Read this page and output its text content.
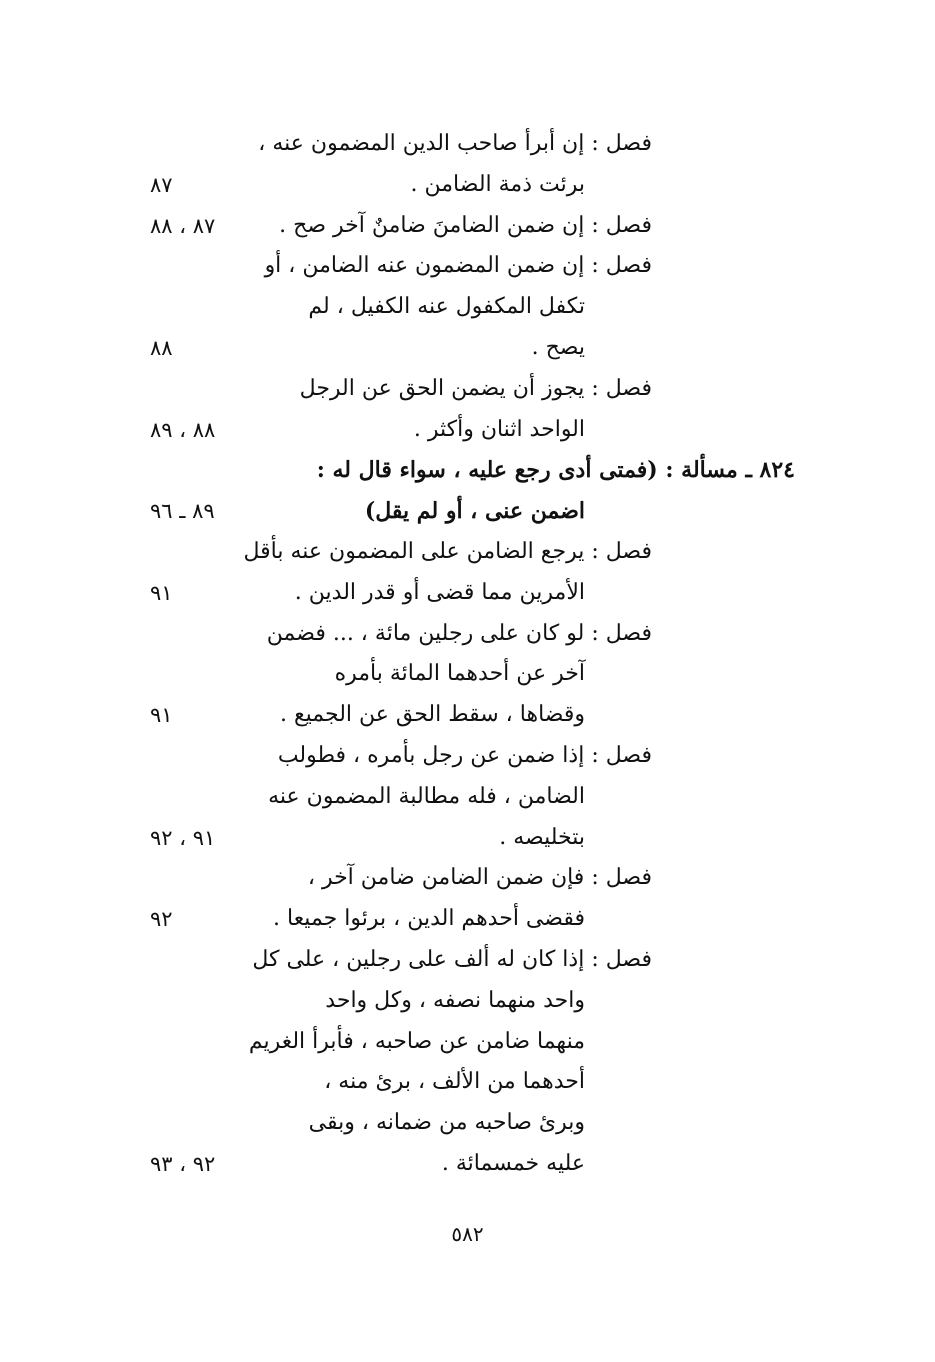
فصل : إن أبرأ صاحب الدين المضمون عنه ،
برئت ذمة الضامن .
٨٧
فصل : إن ضمن الضامنَ ضامنٌ آخر صح .
٨٧ ، ٨٨
فصل : إن ضمن المضمون عنه الضامن ، أو
تكفل المكفول عنه الكفيل ، لم
يصح .
٨٨
فصل : يجوز أن يضمن الحق عن الرجل
الواحد اثنان وأكثر .
٨٨ ، ٨٩
٨٢٤ ـ مسألة : (فمتى أدى رجع عليه ، سواء قال له :
اضمن عنى ، أو لم يقل)
٨٩ ـ ٩٦
فصل : يرجع الضامن على المضمون عنه بأقل
الأمرين مما قضى أو قدر الدين .
٩١
فصل : لو كان على رجلين مائة ، ... فضمن
آخر عن أحدهما المائة بأمره
وقضاها ، سقط الحق عن الجميع .
٩١
فصل : إذا ضمن عن رجل بأمره ، فطولب
الضامن ، فله مطالبة المضمون عنه
بتخليصه .
٩١ ، ٩٢
فصل : فإن ضمن الضامن ضامن آخر ،
فقضى أحدهم الدين ، برئوا جميعا .
٩٢
فصل : إذا كان له ألف على رجلين ، على كل
واحد منهما نصفه ، وكل واحد
منهما ضامن عن صاحبه ، فأبرأ الغريم
أحدهما من الألف ، برئ منه ،
وبرئ صاحبه من ضمانه ، وبقى
عليه خمسمائة .
٩٢ ، ٩٣
٥٨٢
